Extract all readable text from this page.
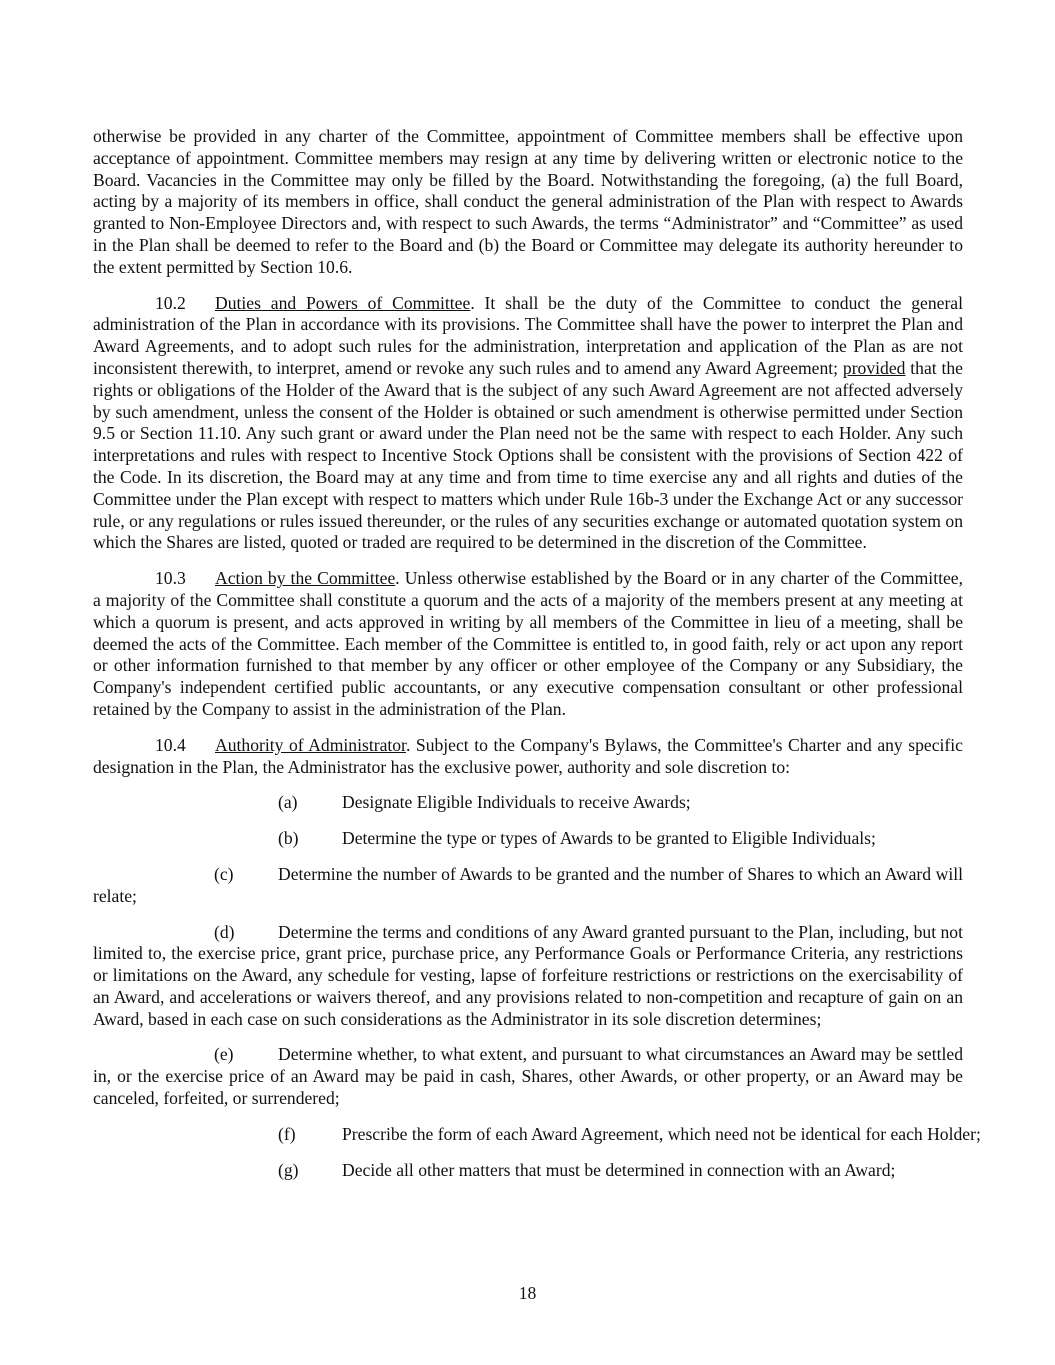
otherwise be provided in any charter of the Committee, appointment of Committee members shall be effective upon acceptance of appointment. Committee members may resign at any time by delivering written or electronic notice to the Board. Vacancies in the Committee may only be filled by the Board. Notwithstanding the foregoing, (a) the full Board, acting by a majority of its members in office, shall conduct the general administration of the Plan with respect to Awards granted to Non-Employee Directors and, with respect to such Awards, the terms “Administrator” and “Committee” as used in the Plan shall be deemed to refer to the Board and (b) the Board or Committee may delegate its authority hereunder to the extent permitted by Section 10.6.

10.2 Duties and Powers of Committee. It shall be the duty of the Committee to conduct the general administration of the Plan in accordance with its provisions. The Committee shall have the power to interpret the Plan and Award Agreements, and to adopt such rules for the administration, interpretation and application of the Plan as are not inconsistent therewith, to interpret, amend or revoke any such rules and to amend any Award Agreement; provided that the rights or obligations of the Holder of the Award that is the subject of any such Award Agreement are not affected adversely by such amendment, unless the consent of the Holder is obtained or such amendment is otherwise permitted under Section 9.5 or Section 11.10. Any such grant or award under the Plan need not be the same with respect to each Holder. Any such interpretations and rules with respect to Incentive Stock Options shall be consistent with the provisions of Section 422 of the Code. In its discretion, the Board may at any time and from time to time exercise any and all rights and duties of the Committee under the Plan except with respect to matters which under Rule 16b-3 under the Exchange Act or any successor rule, or any regulations or rules issued thereunder, or the rules of any securities exchange or automated quotation system on which the Shares are listed, quoted or traded are required to be determined in the discretion of the Committee.

10.3 Action by the Committee. Unless otherwise established by the Board or in any charter of the Committee, a majority of the Committee shall constitute a quorum and the acts of a majority of the members present at any meeting at which a quorum is present, and acts approved in writing by all members of the Committee in lieu of a meeting, shall be deemed the acts of the Committee. Each member of the Committee is entitled to, in good faith, rely or act upon any report or other information furnished to that member by any officer or other employee of the Company or any Subsidiary, the Company's independent certified public accountants, or any executive compensation consultant or other professional retained by the Company to assist in the administration of the Plan.

10.4 Authority of Administrator. Subject to the Company's Bylaws, the Committee's Charter and any specific designation in the Plan, the Administrator has the exclusive power, authority and sole discretion to:

(a)	Designate Eligible Individuals to receive Awards;
(b) Determine the type or types of Awards to be granted to Eligible Individuals;
(c)	Determine the number of Awards to be granted and the number of Shares to which an Award will relate;
(d) Determine the terms and conditions of any Award granted pursuant to the Plan, including, but not limited to, the exercise price, grant price, purchase price, any Performance Goals or Performance Criteria, any restrictions or limitations on the Award, any schedule for vesting, lapse of forfeiture restrictions or restrictions on the exercisability of an Award, and accelerations or waivers thereof, and any provisions related to non-competition and recapture of gain on an Award, based in each case on such considerations as the Administrator in its sole discretion determines;
(e)	Determine whether, to what extent, and pursuant to what circumstances an Award may be settled in, or the exercise price of an Award may be paid in cash, Shares, other Awards, or other property, or an Award may be canceled, forfeited, or surrendered;
(f)	Prescribe the form of each Award Agreement, which need not be identical for each Holder;
(g) Decide all other matters that must be determined in connection with an Award;
18
